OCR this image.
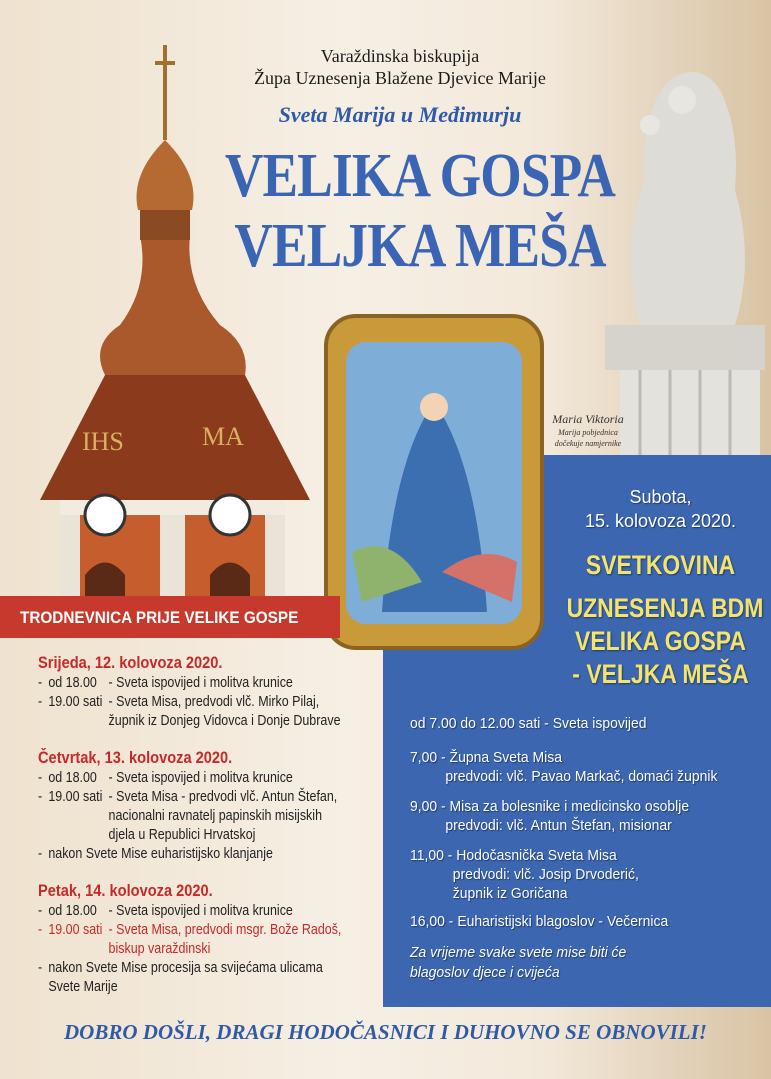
IHS	MA
Maria Viktoria
Marija pobjednica
dočekuje namjernike
Varaždinska biskupija
Župa Uznesenja Blažene Djevice Marije
Sveta Marija u Međimurju
VELIKA GOSPA
VELJKA MEŠA
TRODNEVNICA PRIJE VELIKE GOSPE
Srijeda, 12. kolovoza 2020.
- od 18.00 - Sveta ispovijed i molitva krunice
- 19.00 sati - Sveta Misa, predvodi vlč. Mirko Pilaj,
župnik iz Donjeg Vidovca i Donje Dubrave
Četvrtak, 13. kolovoza 2020.
- od 18.00 - Sveta ispovijed i molitva krunice
- 19.00 sati - Sveta Misa - predvodi vlč. Antun Štefan,
nacionalni ravnatelj papinskih misijskih
djela u Republici Hrvatskoj
- nakon Svete Mise euharistijsko klanjanje
Petak, 14. kolovoza 2020.
- od 18.00 - Sveta ispovijed i molitva krunice
- 19.00 sati - Sveta Misa, predvodi msgr. Bože Radoš,
biskup varaždinski
- nakon Svete Mise procesija sa svijećama ulicama
Svete Marije
Subota,
15. kolovoza 2020.
SVETKOVINA
UZNESENJA BDM
VELIKA GOSPA
- VELJKA MEŠA
od 7.00 do 12.00 sati - Sveta ispovijed
7,00 - Župna Sveta Misa
predvodi: vlč. Pavao Markač, domaći župnik
9,00 - Misa za bolesnike i medicinsko osoblje
predvodi: vlč. Antun Štefan, misionar
11,00 - Hodočasnička Sveta Misa
predvodi: vlč. Josip Drvoderić,
župnik iz Goričana
16,00 - Euharistijski blagoslov - Večernica
Za vrijeme svake svete mise biti će
blagoslov djece i cvijeća
DOBRO DOŠLI, DRAGI HODOČASNICI I DUHOVNO SE OBNOVILI!
